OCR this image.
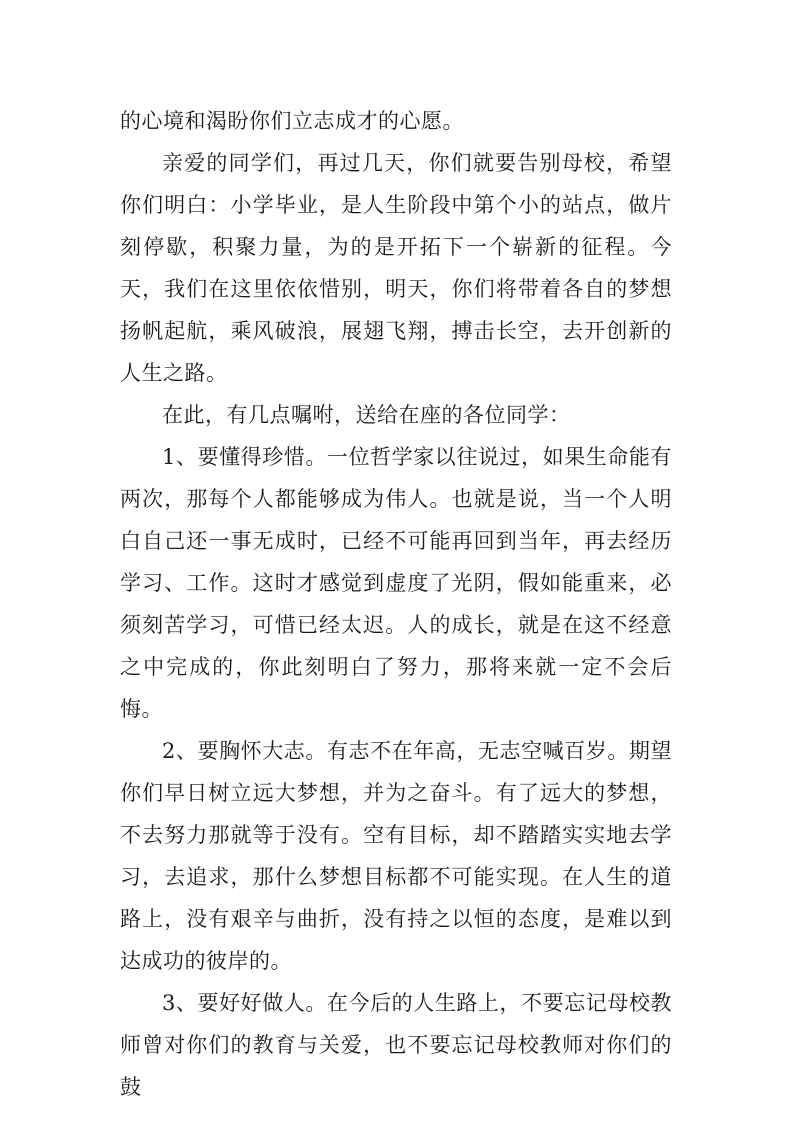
的心境和渴盼你们立志成才的心愿。

亲爱的同学们，再过几天，你们就要告别母校，希望你们明白：小学毕业，是人生阶段中第个小的站点，做片刻停歇，积聚力量，为的是开拓下一个崭新的征程。今天，我们在这里依依惜别，明天，你们将带着各自的梦想扬帆起航，乘风破浪，展翅飞翔，搏击长空，去开创新的人生之路。

在此，有几点嘱咐，送给在座的各位同学：

1、要懂得珍惜。一位哲学家以往说过，如果生命能有两次，那每个人都能够成为伟人。也就是说，当一个人明白自己还一事无成时，已经不可能再回到当年，再去经历学习、工作。这时才感觉到虚度了光阴，假如能重来，必须刻苦学习，可惜已经太迟。人的成长，就是在这不经意之中完成的，你此刻明白了努力，那将来就一定不会后悔。

2、要胸怀大志。有志不在年高，无志空喊百岁。期望你们早日树立远大梦想，并为之奋斗。有了远大的梦想，不去努力那就等于没有。空有目标，却不踏踏实实地去学习，去追求，那什么梦想目标都不可能实现。在人生的道路上，没有艰辛与曲折，没有持之以恒的态度，是难以到达成功的彼岸的。

3、要好好做人。在今后的人生路上，不要忘记母校教师曾对你们的教育与关爱，也不要忘记母校教师对你们的鼓
